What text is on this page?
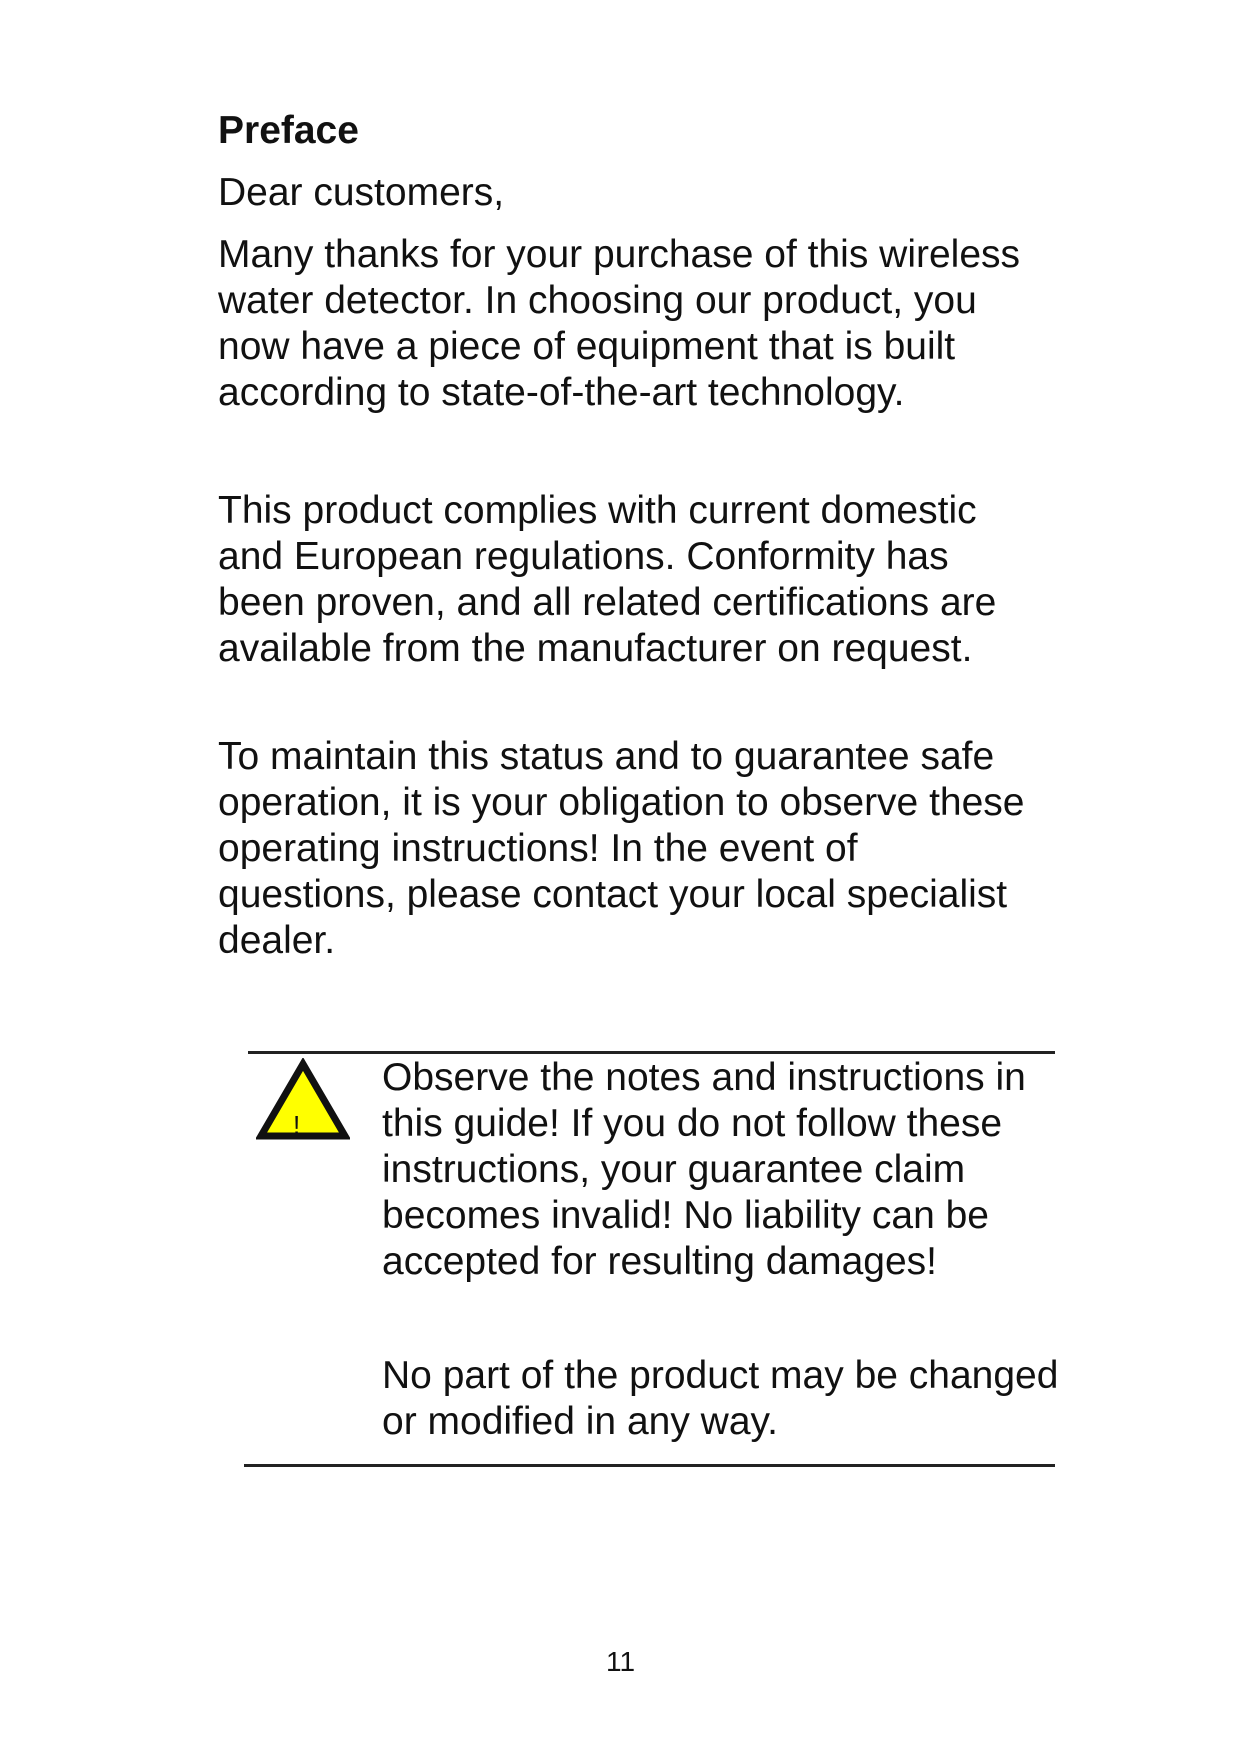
Preface

Dear customers,

Many thanks for your purchase of this wireless water detector. In choosing our product, you now have a piece of equipment that is built according to state-of-the-art technology.

This product complies with current domestic and European regulations. Conformity has been proven, and all related certifications are available from the manufacturer on request.

To maintain this status and to guarantee safe operation, it is your obligation to observe these operating instructions! In the event of questions, please contact your local specialist dealer.

!

Observe the notes and instructions in this guide! If you do not follow these instructions, your guarantee claim becomes invalid! No liability can be accepted for resulting damages!

No part of the product may be changed or modified in any way.

11
